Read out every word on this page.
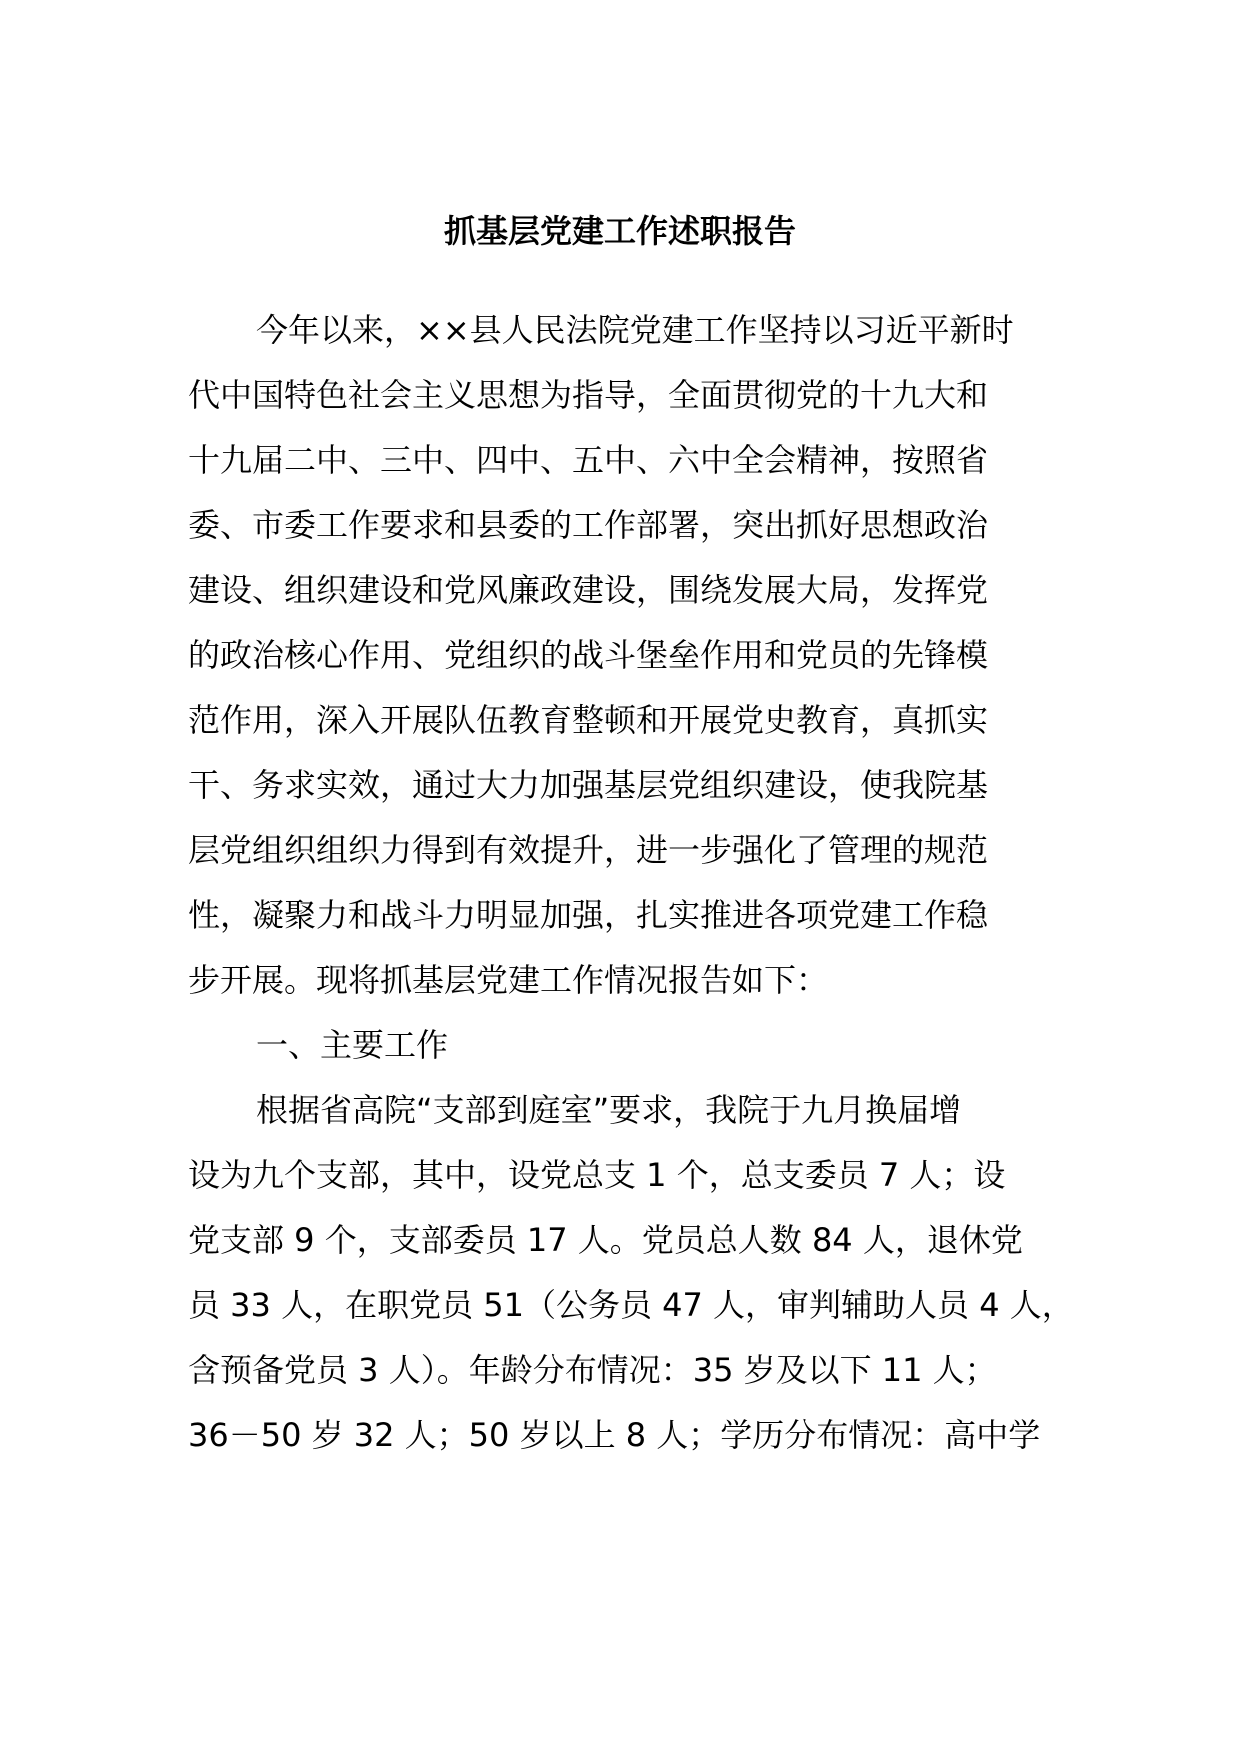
抓基层党建工作述职报告
今年以来，××县人民法院党建工作坚持以习近平新时
代中国特色社会主义思想为指导，全面贯彻党的十九大和
十九届二中、三中、四中、五中、六中全会精神，按照省
委、市委工作要求和县委的工作部署，突出抓好思想政治
建设、组织建设和党风廉政建设，围绕发展大局，发挥党
的政治核心作用、党组织的战斗堡垒作用和党员的先锋模
范作用，深入开展队伍教育整顿和开展党史教育，真抓实
干、务求实效，通过大力加强基层党组织建设，使我院基
层党组织组织力得到有效提升，进一步强化了管理的规范
性，凝聚力和战斗力明显加强，扎实推进各项党建工作稳
步开展。现将抓基层党建工作情况报告如下：
一、主要工作
根据省高院“支部到庭室”要求，我院于九月换届增
设为九个支部，其中，设党总支 1 个，总支委员 7 人；设
党支部 9 个，支部委员 17 人。党员总人数 84 人，退休党
员 33 人，在职党员 51（公务员 47 人，审判辅助人员 4 人，
含预备党员 3 人）。年龄分布情况：35 岁及以下 11 人；
36－50 岁 32 人；50 岁以上 8 人；学历分布情况：高中学
